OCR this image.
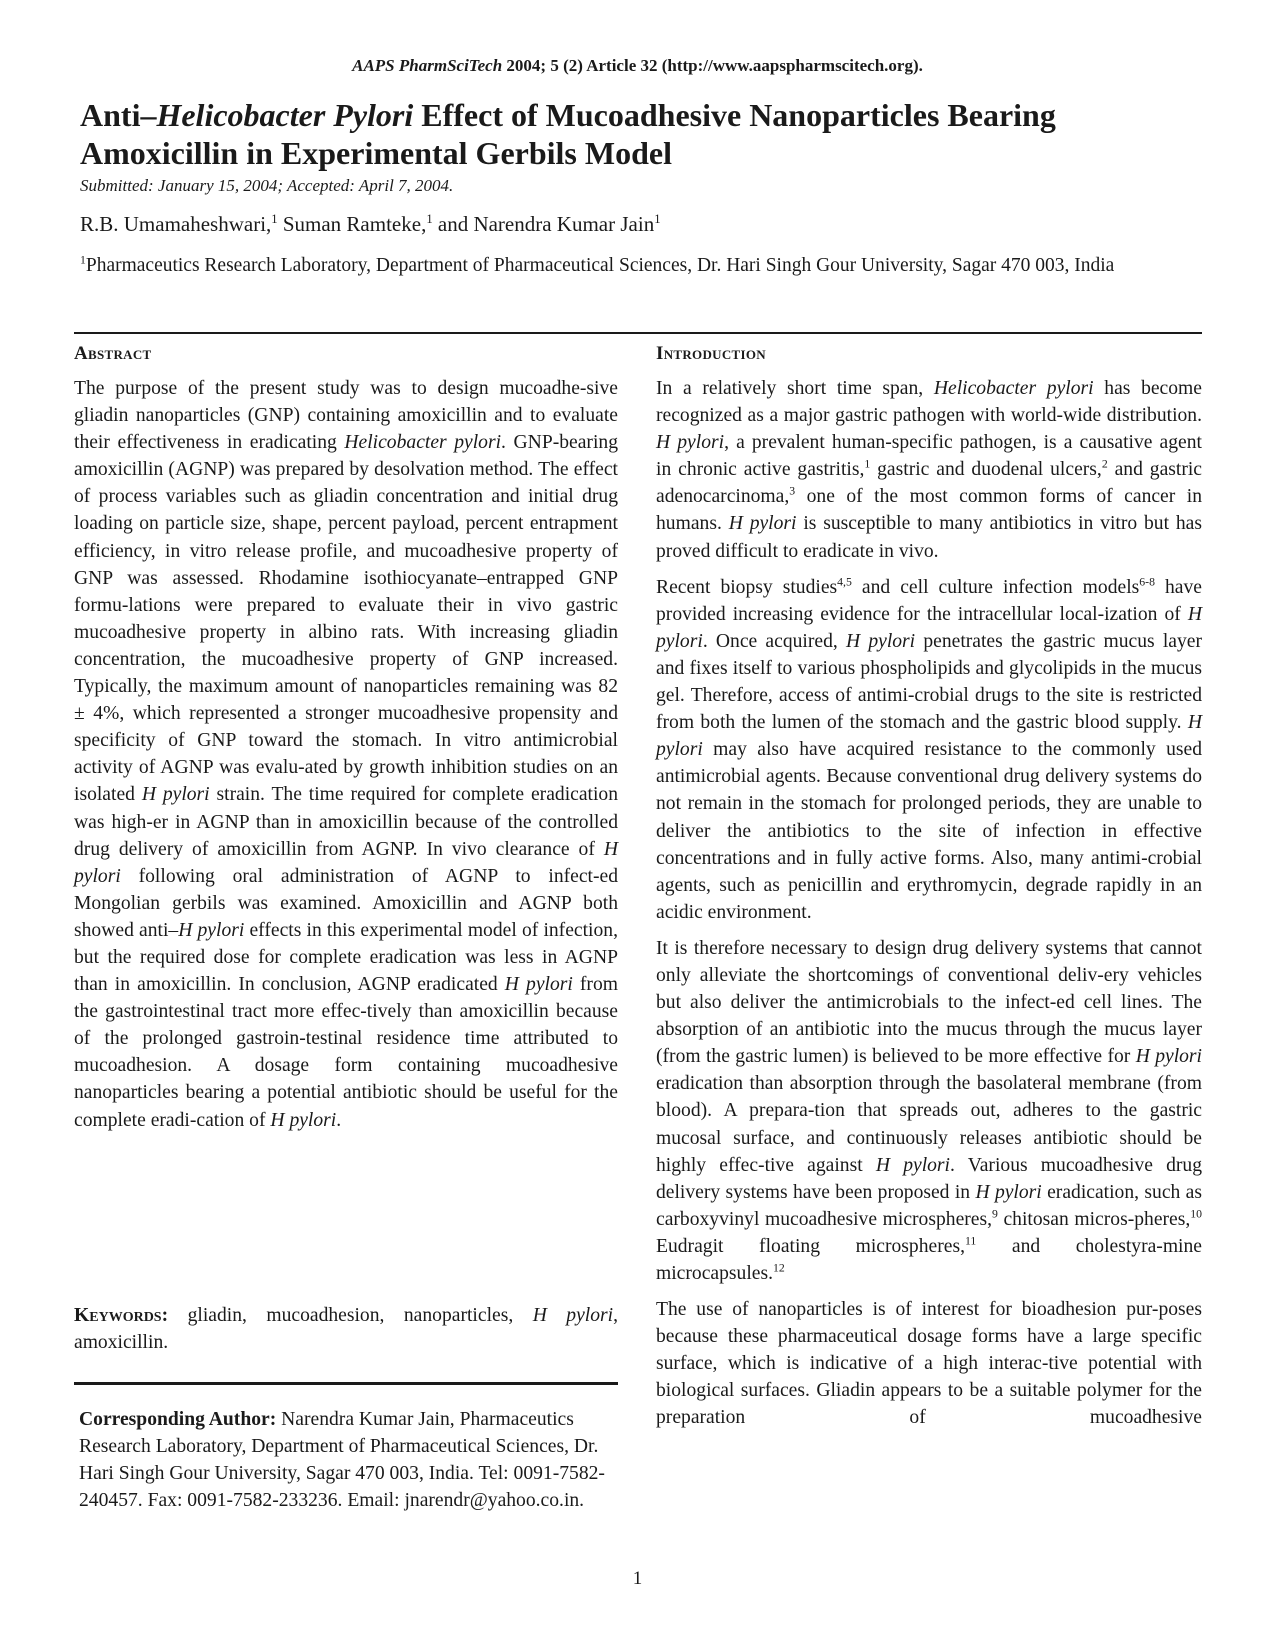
AAPS PharmSciTech 2004; 5 (2) Article 32 (http://www.aapspharmscitech.org).
Anti–Helicobacter Pylori Effect of Mucoadhesive Nanoparticles Bearing Amoxicillin in Experimental Gerbils Model
Submitted: January 15, 2004; Accepted: April 7, 2004.
R.B. Umamaheshwari,$^1$ Suman Ramteke,$^1$ and Narendra Kumar Jain$^1$
$^1$Pharmaceutics Research Laboratory, Department of Pharmaceutical Sciences, Dr. Hari Singh Gour University, Sagar 470 003, India
Abstract

The purpose of the present study was to design mucoadhe-sive gliadin nanoparticles (GNP) containing amoxicillin and to evaluate their effectiveness in eradicating Helicobacter pylori. GNP-bearing amoxicillin (AGNP) was prepared by desolvation method. The effect of process variables such as gliadin concentration and initial drug loading on particle size, shape, percent payload, percent entrapment efficiency, in vitro release profile, and mucoadhesive property of GNP was assessed. Rhodamine isothiocyanate–entrapped GNP formu-lations were prepared to evaluate their in vivo gastric mucoadhesive property in albino rats. With increasing gliadin concentration, the mucoadhesive property of GNP increased. Typically, the maximum amount of nanoparticles remaining was 82 ± 4%, which represented a stronger mucoadhesive propensity and specificity of GNP toward the stomach. In vitro antimicrobial activity of AGNP was evalu-ated by growth inhibition studies on an isolated H pylori strain. The time required for complete eradication was high-er in AGNP than in amoxicillin because of the controlled drug delivery of amoxicillin from AGNP. In vivo clearance of H pylori following oral administration of AGNP to infect-ed Mongolian gerbils was examined. Amoxicillin and AGNP both showed anti–H pylori effects in this experimental model of infection, but the required dose for complete eradication was less in AGNP than in amoxicillin. In conclusion, AGNP eradicated H pylori from the gastrointestinal tract more effec-tively than amoxicillin because of the prolonged gastroin-testinal residence time attributed to mucoadhesion. A dosage form containing mucoadhesive nanoparticles bearing a potential antibiotic should be useful for the complete eradi-cation of H pylori.

Keywords: gliadin, mucoadhesion, nanoparticles, H pylori, amoxicillin.
Corresponding Author: Narendra Kumar Jain, Pharmaceutics Research Laboratory, Department of Pharmaceutical Sciences, Dr. Hari Singh Gour University, Sagar 470 003, India. Tel: 0091-7582-240457. Fax: 0091-7582-233236. Email: jnarendr@yahoo.co.in.
Introduction

In a relatively short time span, Helicobacter pylori has become recognized as a major gastric pathogen with world-wide distribution. H pylori, a prevalent human-specific pathogen, is a causative agent in chronic active gastritis,$^1$ gastric and duodenal ulcers,$^2$ and gastric adenocarcinoma,$^3$ one of the most common forms of cancer in humans. H pylori is susceptible to many antibiotics in vitro but has proved difficult to eradicate in vivo.

Recent biopsy studies$^{4,5}$ and cell culture infection models$^{6-8}$ have provided increasing evidence for the intracellular local-ization of H pylori. Once acquired, H pylori penetrates the gastric mucus layer and fixes itself to various phospholipids and glycolipids in the mucus gel. Therefore, access of antimi-crobial drugs to the site is restricted from both the lumen of the stomach and the gastric blood supply. H pylori may also have acquired resistance to the commonly used antimicrobial agents. Because conventional drug delivery systems do not remain in the stomach for prolonged periods, they are unable to deliver the antibiotics to the site of infection in effective concentrations and in fully active forms. Also, many antimi-crobial agents, such as penicillin and erythromycin, degrade rapidly in an acidic environment.

It is therefore necessary to design drug delivery systems that cannot only alleviate the shortcomings of conventional deliv-ery vehicles but also deliver the antimicrobials to the infect-ed cell lines. The absorption of an antibiotic into the mucus through the mucus layer (from the gastric lumen) is believed to be more effective for H pylori eradication than absorption through the basolateral membrane (from blood). A prepara-tion that spreads out, adheres to the gastric mucosal surface, and continuously releases antibiotic should be highly effec-tive against H pylori. Various mucoadhesive drug delivery systems have been proposed in H pylori eradication, such as carboxyvinyl mucoadhesive microspheres,$^9$ chitosan micros-pheres,$^{10}$ Eudragit floating microspheres,$^{11}$ and cholestyra-mine microcapsules.$^{12}$

The use of nanoparticles is of interest for bioadhesion pur-poses because these pharmaceutical dosage forms have a large specific surface, which is indicative of a high interac-tive potential with biological surfaces. Gliadin appears to be a suitable polymer for the preparation of mucoadhesive

1
